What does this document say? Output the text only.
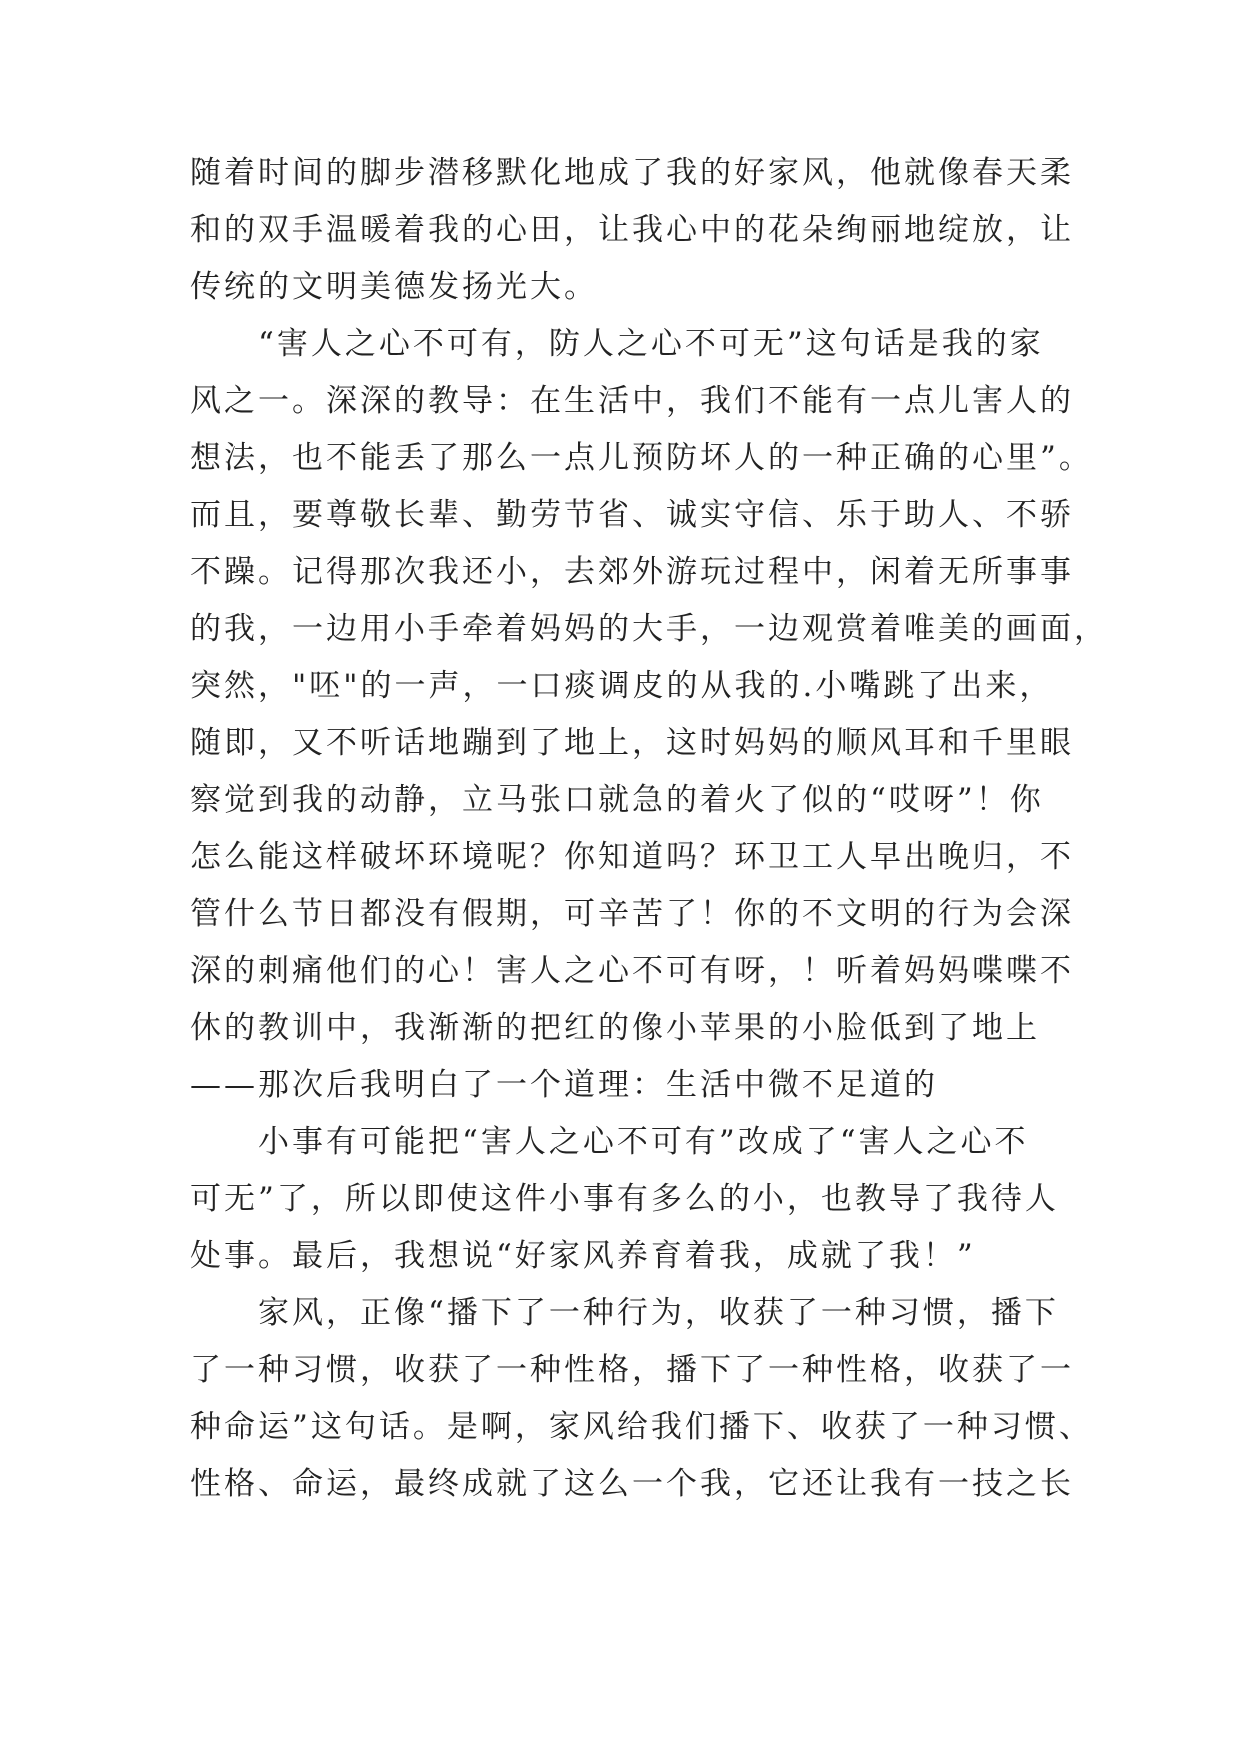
随着时间的脚步潜移默化地成了我的好家风，他就像春天柔

和的双手温暖着我的心田，让我心中的花朵绚丽地绽放，让

传统的文明美德发扬光大。

“害人之心不可有，防人之心不可无”这句话是我的家

风之一。深深的教导：在生活中，我们不能有一点儿害人的

想法，也不能丢了那么一点儿预防坏人的一种正确的心里”。

而且，要尊敬长辈、勤劳节省、诚实守信、乐于助人、不骄

不躁。记得那次我还小，去郊外游玩过程中，闲着无所事事

的我，一边用小手牵着妈妈的大手，一边观赏着唯美的画面，

突然，"呸"的一声，一口痰调皮的从我的.小嘴跳了出来，

随即，又不听话地蹦到了地上，这时妈妈的顺风耳和千里眼

察觉到我的动静，立马张口就急的着火了似的“哎呀”！你

怎么能这样破坏环境呢？你知道吗？环卫工人早出晚归，不

管什么节日都没有假期，可辛苦了！你的不文明的行为会深

深的刺痛他们的心！害人之心不可有呀，！听着妈妈喋喋不

休的教训中，我渐渐的把红的像小苹果的小脸低到了地上

——那次后我明白了一个道理：生活中微不足道的

小事有可能把“害人之心不可有”改成了“害人之心不

可无”了，所以即使这件小事有多么的小，也教导了我待人

处事。最后，我想说“好家风养育着我，成就了我！”

家风，正像“播下了一种行为，收获了一种习惯，播下

了一种习惯，收获了一种性格，播下了一种性格，收获了一

种命运”这句话。是啊，家风给我们播下、收获了一种习惯、

性格、命运，最终成就了这么一个我，它还让我有一技之长
